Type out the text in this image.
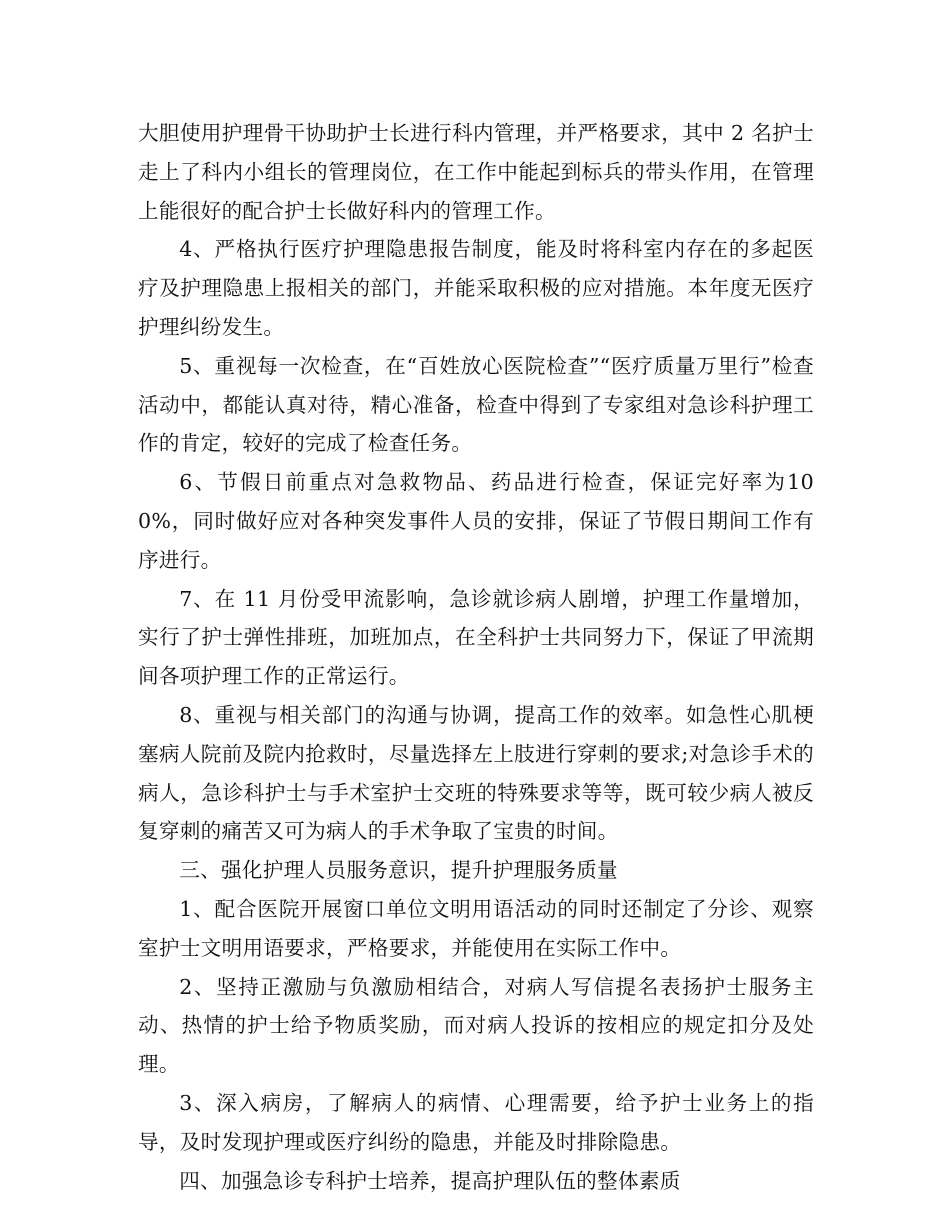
大胆使用护理骨干协助护士长进行科内管理，并严格要求，其中 2 名护士走上了科内小组长的管理岗位，在工作中能起到标兵的带头作用，在管理上能很好的配合护士长做好科内的管理工作。

4、严格执行医疗护理隐患报告制度，能及时将科室内存在的多起医疗及护理隐患上报相关的部门，并能采取积极的应对措施。本年度无医疗护理纠纷发生。

5、重视每一次检查，在“百姓放心医院检查”“医疗质量万里行”检查活动中，都能认真对待，精心准备，检查中得到了专家组对急诊科护理工作的肯定，较好的完成了检查任务。

6、节假日前重点对急救物品、药品进行检查，保证完好率为100%，同时做好应对各种突发事件人员的安排，保证了节假日期间工作有序进行。

7、在 11 月份受甲流影响，急诊就诊病人剧增，护理工作量增加，实行了护士弹性排班，加班加点，在全科护士共同努力下，保证了甲流期间各项护理工作的正常运行。

8、重视与相关部门的沟通与协调，提高工作的效率。如急性心肌梗塞病人院前及院内抢救时，尽量选择左上肢进行穿刺的要求;对急诊手术的病人，急诊科护士与手术室护士交班的特殊要求等等，既可较少病人被反复穿刺的痛苦又可为病人的手术争取了宝贵的时间。

三、强化护理人员服务意识，提升护理服务质量

1、配合医院开展窗口单位文明用语活动的同时还制定了分诊、观察室护士文明用语要求，严格要求，并能使用在实际工作中。

2、坚持正激励与负激励相结合，对病人写信提名表扬护士服务主动、热情的护士给予物质奖励，而对病人投诉的按相应的规定扣分及处理。

3、深入病房，了解病人的病情、心理需要，给予护士业务上的指导，及时发现护理或医疗纠纷的隐患，并能及时排除隐患。

四、加强急诊专科护士培养，提高护理队伍的整体素质
